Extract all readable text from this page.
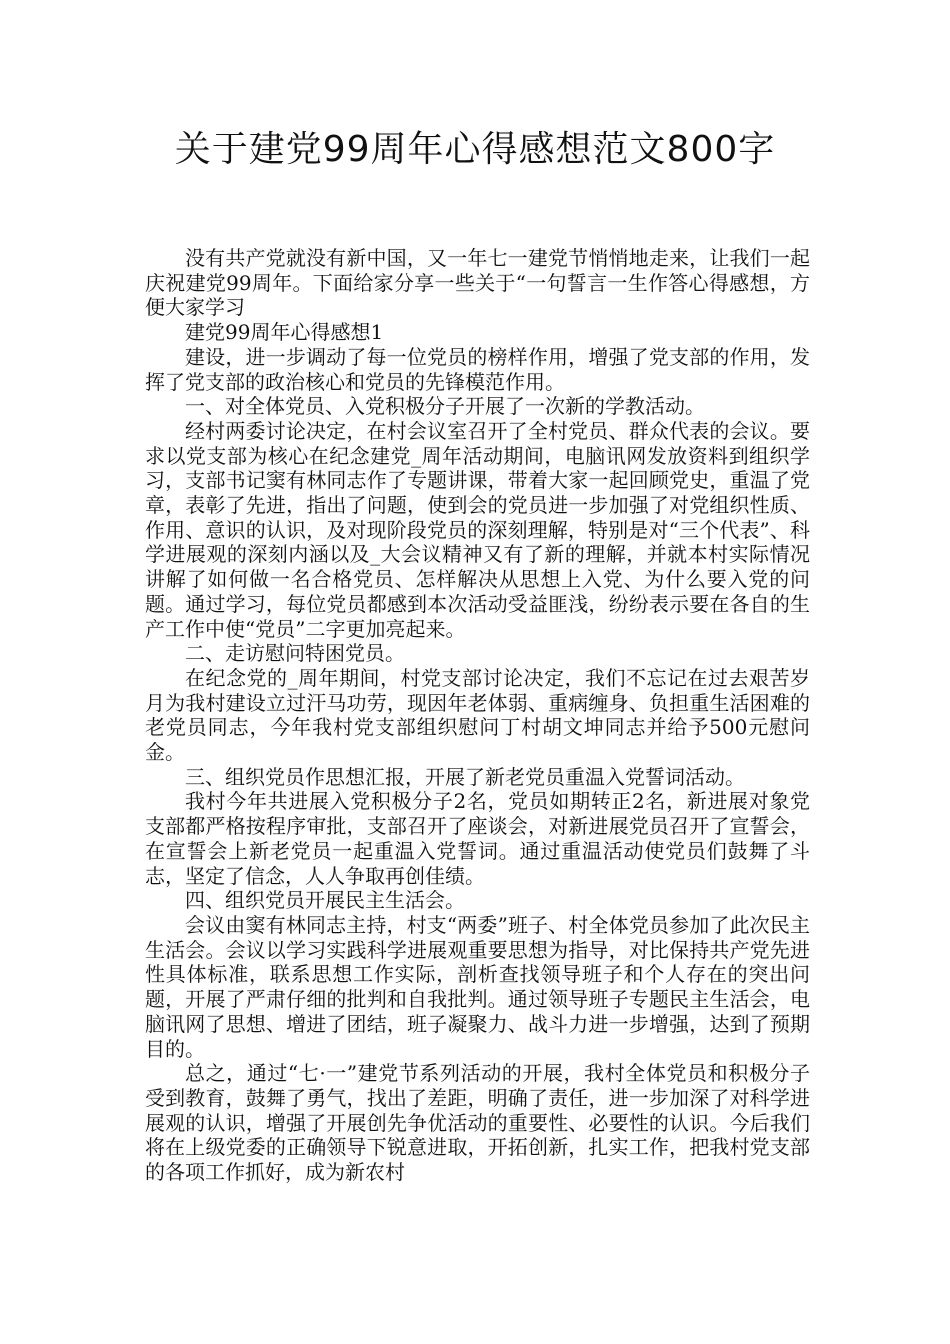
关于建党99周年心得感想范文800字

没有共产党就没有新中国，又一年七一建党节悄悄地走来，让我们一起庆祝建党99周年。下面给家分享一些关于“一句誓言一生作答心得感想，方便大家学习

建党99周年心得感想1

建设，进一步调动了每一位党员的榜样作用，增强了党支部的作用，发挥了党支部的政治核心和党员的先锋模范作用。

一、对全体党员、入党积极分子开展了一次新的学教活动。

经村两委讨论决定，在村会议室召开了全村党员、群众代表的会议。要求以党支部为核心在纪念建党_周年活动期间，电脑讯网发放资料到组织学习，支部书记窦有林同志作了专题讲课，带着大家一起回顾党史，重温了党章，表彰了先进，指出了问题，使到会的党员进一步加强了对党组织性质、作用、意识的认识，及对现阶段党员的深刻理解，特别是对“三个代表”、科学进展观的深刻内涵以及_大会议精神又有了新的理解，并就本村实际情况讲解了如何做一名合格党员、怎样解决从思想上入党、为什么要入党的问题。通过学习，每位党员都感到本次活动受益匪浅，纷纷表示要在各自的生产工作中使“党员”二字更加亮起来。

二、走访慰问特困党员。

在纪念党的_周年期间，村党支部讨论决定，我们不忘记在过去艰苦岁月为我村建设立过汗马功劳，现因年老体弱、重病缠身、负担重生活困难的老党员同志，今年我村党支部组织慰问丁村胡文坤同志并给予500元慰问金。

三、组织党员作思想汇报，开展了新老党员重温入党誓词活动。

我村今年共进展入党积极分子2名，党员如期转正2名，新进展对象党支部都严格按程序审批，支部召开了座谈会，对新进展党员召开了宣誓会，在宣誓会上新老党员一起重温入党誓词。通过重温活动使党员们鼓舞了斗志，坚定了信念，人人争取再创佳绩。

四、组织党员开展民主生活会。

会议由窦有林同志主持，村支“两委”班子、村全体党员参加了此次民主生活会。会议以学习实践科学进展观重要思想为指导，对比保持共产党先进性具体标准，联系思想工作实际，剖析查找领导班子和个人存在的突出问题，开展了严肃仔细的批判和自我批判。通过领导班子专题民主生活会，电脑讯网了思想、增进了团结，班子凝聚力、战斗力进一步增强，达到了预期目的。

总之，通过“七·一”建党节系列活动的开展，我村全体党员和积极分子受到教育，鼓舞了勇气，找出了差距，明确了责任，进一步加深了对科学进展观的认识，增强了开展创先争优活动的重要性、必要性的认识。今后我们将在上级党委的正确领导下锐意进取，开拓创新，扎实工作，把我村党支部的各项工作抓好，成为新农村
